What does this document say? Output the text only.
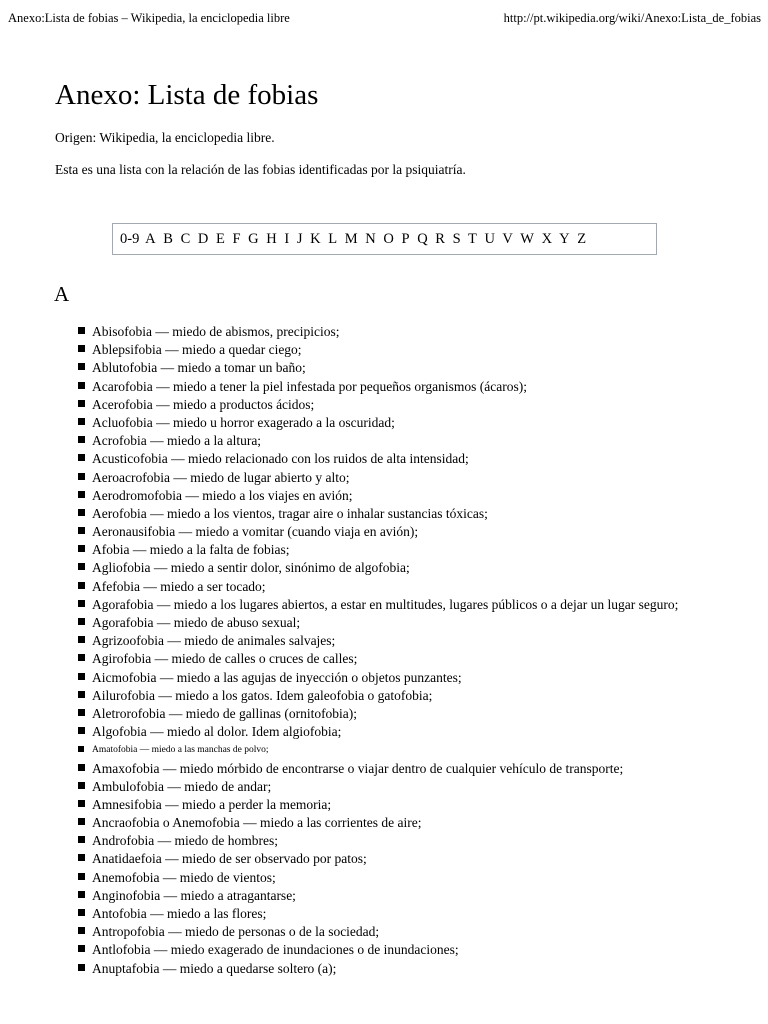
Anexo:Lista de fobias – Wikipedia, la enciclopedia libre	http://pt.wikipedia.org/wiki/Anexo:Lista_de_fobias
Anexo: Lista de fobias
Origen: Wikipedia, la enciclopedia libre.
Esta es una lista con la relación de las fobias identificadas por la psiquiatría.
0-9 A B C D E F G H I J K L M N O P Q R S T U V W X Y Z
A
Abisofobia — miedo de abismos, precipicios;
Ablepsifobia — miedo a quedar ciego;
Ablutofobia — miedo a tomar un baño;
Acarofobia — miedo a tener la piel infestada por pequeños organismos (ácaros);
Acerofobia — miedo a productos ácidos;
Acluofobia — miedo u horror exagerado a la oscuridad;
Acrofobia — miedo a la altura;
Acusticofobia — miedo relacionado con los ruidos de alta intensidad;
Aeroacrofobia — miedo de lugar abierto y alto;
Aerodromofobia — miedo a los viajes en avión;
Aerofobia — miedo a los vientos, tragar aire o inhalar sustancias tóxicas;
Aeronausifobia — miedo a vomitar (cuando viaja en avión);
Afobia — miedo a la falta de fobias;
Agliofobia — miedo a sentir dolor, sinónimo de algofobia;
Afefobia — miedo a ser tocado;
Agorafobia — miedo a los lugares abiertos, a estar en multitudes, lugares públicos o a dejar un lugar seguro;
Agorafobia — miedo de abuso sexual;
Agrizoofobia — miedo de animales salvajes;
Agirofobia — miedo de calles o cruces de calles;
Aicmofobia — miedo a las agujas de inyección o objetos punzantes;
Ailurofobia — miedo a los gatos. Idem galeofobia o gatofobia;
Aletrorofobia — miedo de gallinas (ornitofobia);
Algofobia — miedo al dolor. Idem algiofobia;
Amatofobia — miedo a las manchas de polvo;
Amaxofobia — miedo mórbido de encontrarse o viajar dentro de cualquier vehículo de transporte;
Ambulofobia — miedo de andar;
Amnesifobia — miedo a perder la memoria;
Ancraofobia o Anemofobia — miedo a las corrientes de aire;
Androfobia — miedo de hombres;
Anatidaefoia — miedo de ser observado por patos;
Anemofobia — miedo de vientos;
Anginofobia — miedo a atragantarse;
Antofobia — miedo a las flores;
Antropofobia — miedo de personas o de la sociedad;
Antlofobia — miedo exagerado de inundaciones o de inundaciones;
Anuptafobia — miedo a quedarse soltero (a);
